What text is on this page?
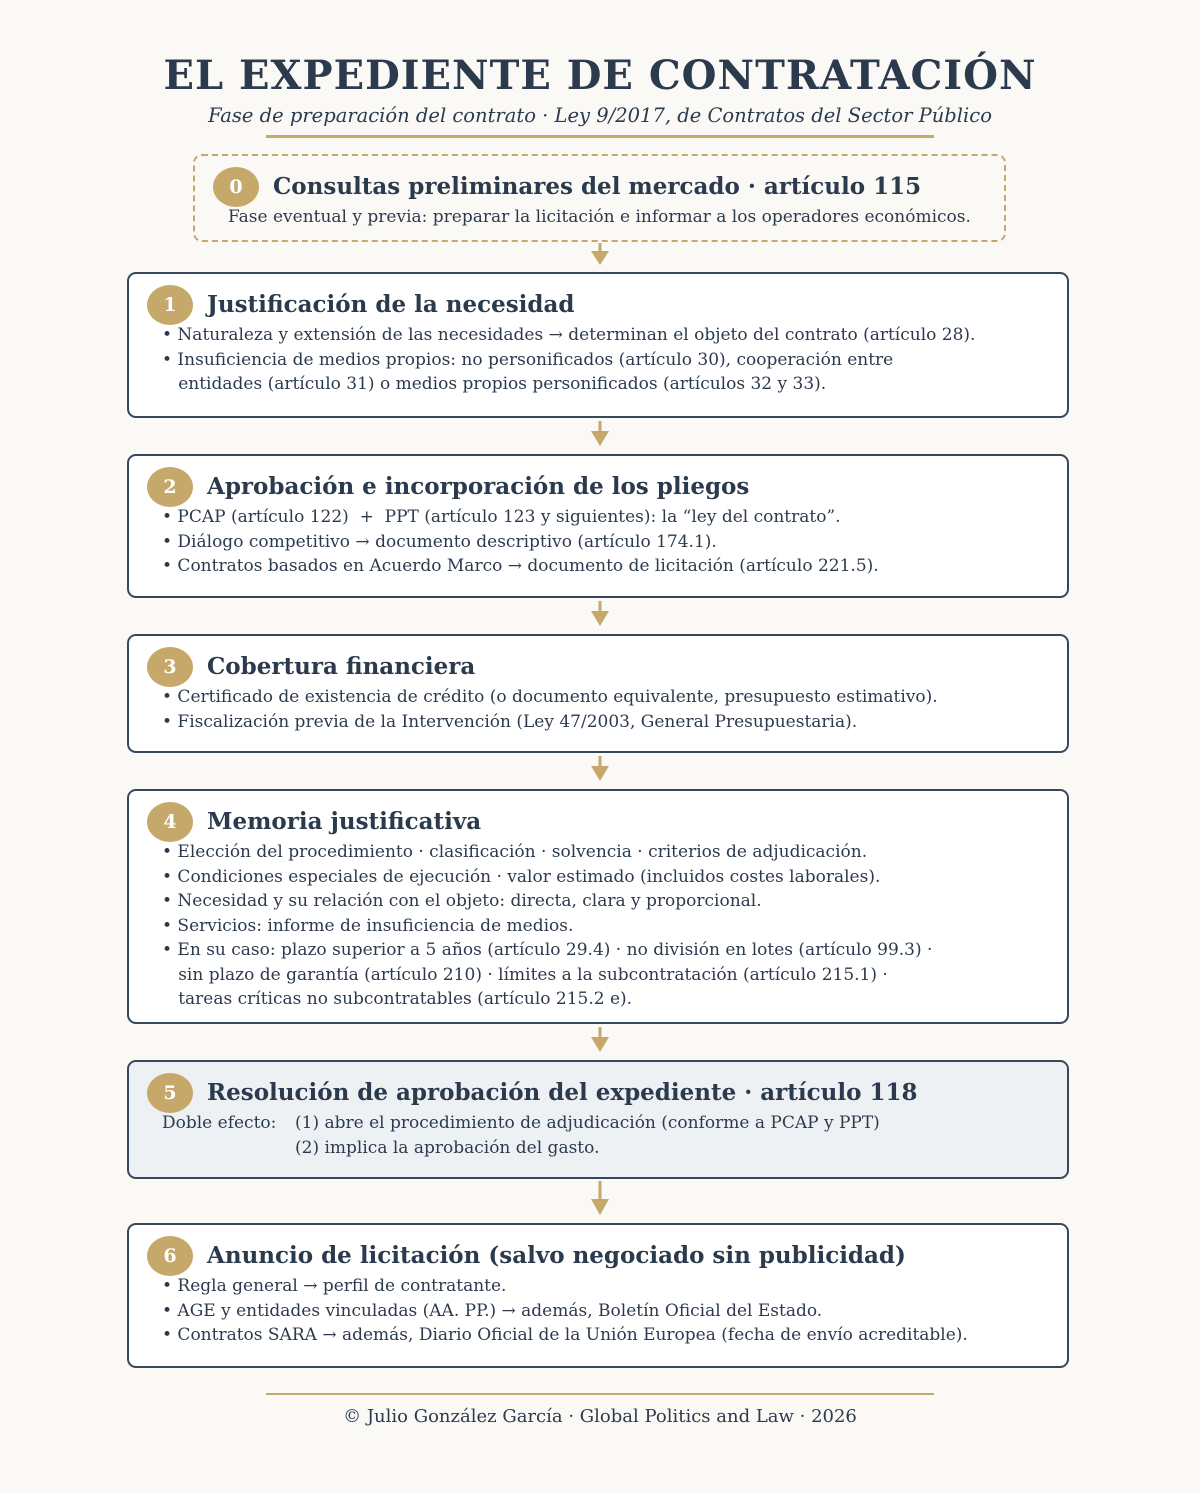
EL EXPEDIENTE DE CONTRATACIÓN
Fase de preparación del contrato · Ley 9/2017, de Contratos del Sector Público
0	Consultas preliminares del mercado · artículo 115
Fase eventual y previa: preparar la licitación e informar a los operadores económicos.
1	Justificación de la necesidad
• Naturaleza y extensión de las necesidades → determinan el objeto del contrato (artículo 28).
• Insuficiencia de medios propios: no personificados (artículo 30), cooperación entre
entidades (artículo 31) o medios propios personificados (artículos 32 y 33).
2	Aprobación e incorporación de los pliegos
• PCAP (artículo 122)  +  PPT (artículo 123 y siguientes): la “ley del contrato”.
• Diálogo competitivo → documento descriptivo (artículo 174.1).
• Contratos basados en Acuerdo Marco → documento de licitación (artículo 221.5).
3	Cobertura financiera
• Certificado de existencia de crédito (o documento equivalente, presupuesto estimativo).
• Fiscalización previa de la Intervención (Ley 47/2003, General Presupuestaria).
4	Memoria justificativa
• Elección del procedimiento · clasificación · solvencia · criterios de adjudicación.
• Condiciones especiales de ejecución · valor estimado (incluidos costes laborales).
• Necesidad y su relación con el objeto: directa, clara y proporcional.
• Servicios: informe de insuficiencia de medios.
• En su caso: plazo superior a 5 años (artículo 29.4) · no división en lotes (artículo 99.3) ·
sin plazo de garantía (artículo 210) · límites a la subcontratación (artículo 215.1) ·
tareas críticas no subcontratables (artículo 215.2 e).
5	Resolución de aprobación del expediente · artículo 118
Doble efecto: (1) abre el procedimiento de adjudicación (conforme a PCAP y PPT)
(2) implica la aprobación del gasto.
6	Anuncio de licitación (salvo negociado sin publicidad)
• Regla general → perfil de contratante.
• AGE y entidades vinculadas (AA. PP.) → además, Boletín Oficial del Estado.
• Contratos SARA → además, Diario Oficial de la Unión Europea (fecha de envío acreditable).
© Julio González García · Global Politics and Law · 2026
